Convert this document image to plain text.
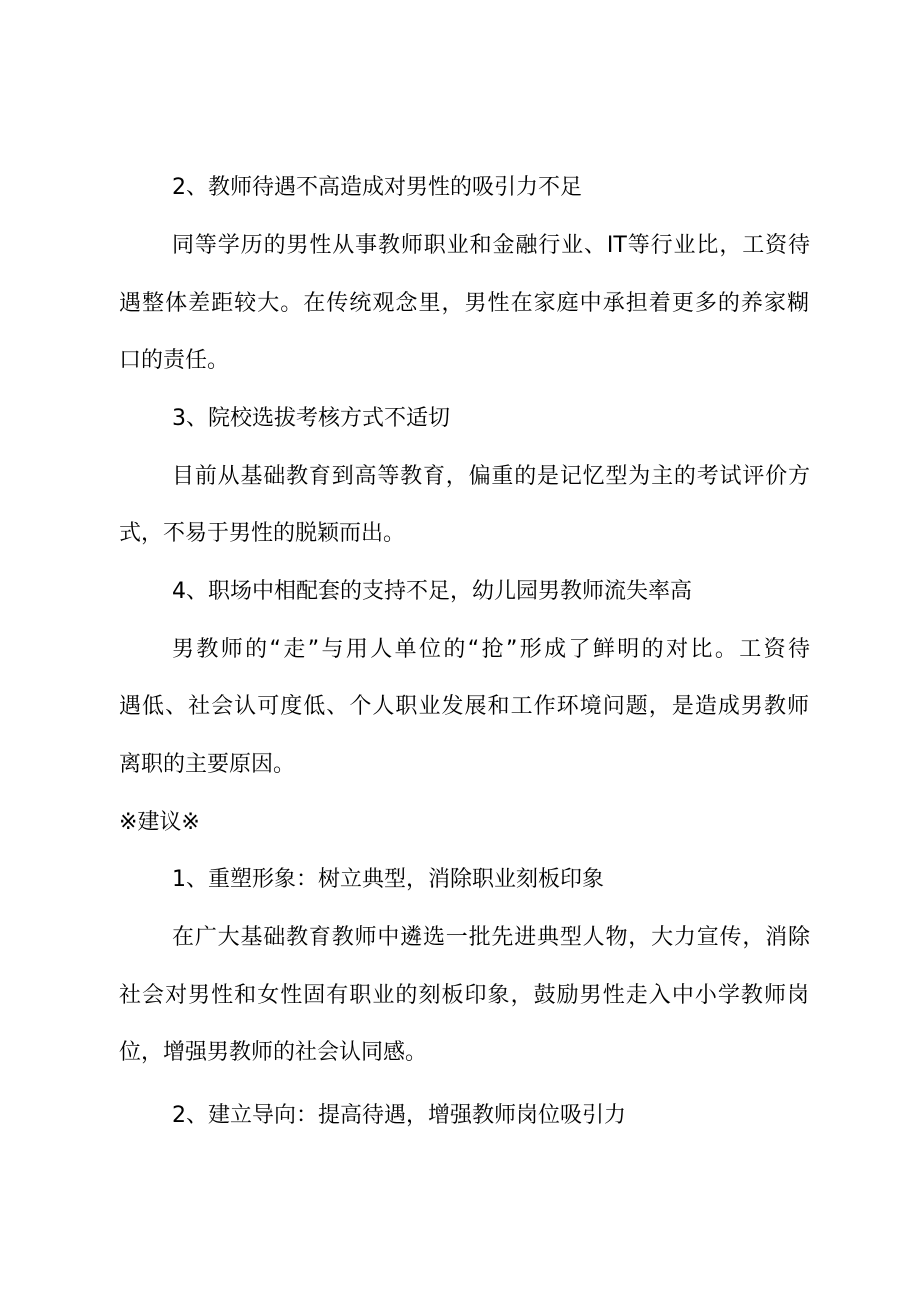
2、教师待遇不高造成对男性的吸引力不足
同等学历的男性从事教师职业和金融行业、IT等行业比，工资待
遇整体差距较大。在传统观念里，男性在家庭中承担着更多的养家糊
口的责任。
3、院校选拔考核方式不适切
目前从基础教育到高等教育，偏重的是记忆型为主的考试评价方
式，不易于男性的脱颖而出。
4、职场中相配套的支持不足，幼儿园男教师流失率高
男教师的“走”与用人单位的“抢”形成了鲜明的对比。工资待
遇低、社会认可度低、个人职业发展和工作环境问题，是造成男教师
离职的主要原因。
※建议※
1、重塑形象：树立典型，消除职业刻板印象
在广大基础教育教师中遴选一批先进典型人物，大力宣传，消除
社会对男性和女性固有职业的刻板印象，鼓励男性走入中小学教师岗
位，增强男教师的社会认同感。
2、建立导向：提高待遇，增强教师岗位吸引力
